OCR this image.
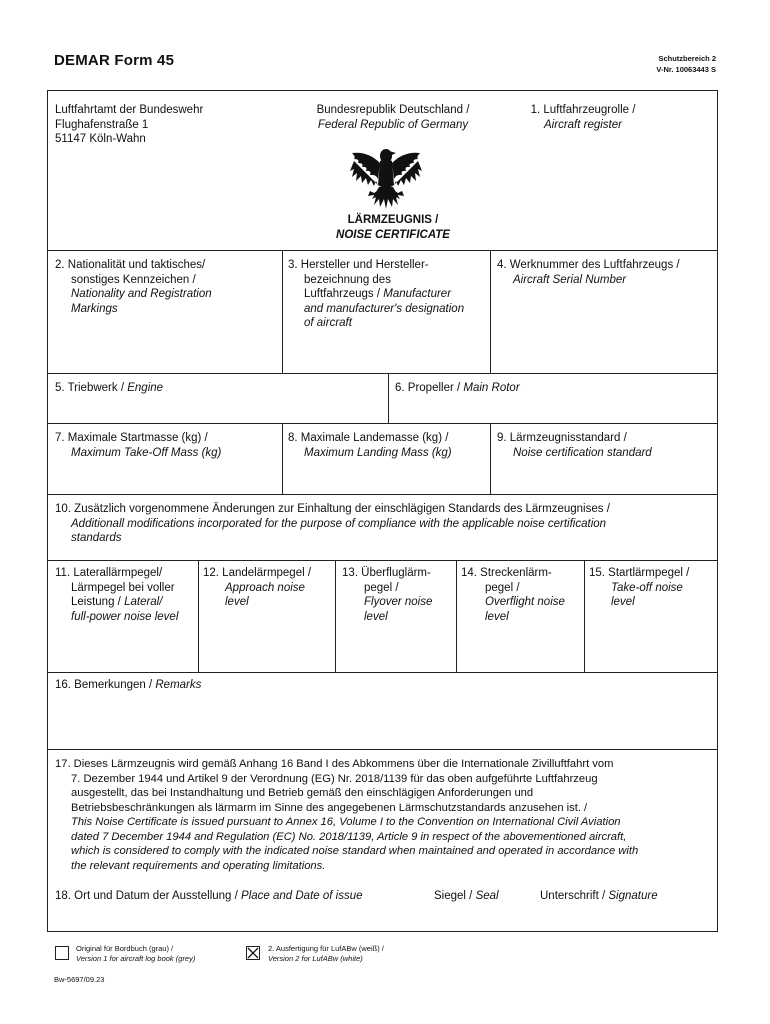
DEMAR Form 45	Schutzbereich 2
V-Nr. 10063443 S
Luftfahrtamt der Bundeswehr
Flughafenstraße 1
51147 Köln-Wahn
Bundesrepublik Deutschland /
Federal Republic of Germany
1. Luftfahrzeugrolle /
Aircraft register
LÄRMZEUGNIS /
NOISE CERTIFICATE
2. Nationalität und taktisches/
sonstiges Kennzeichen /
Nationality and Registration
Markings
3. Hersteller und Hersteller-
bezeichnung des
Luftfahrzeugs / Manufacturer
and manufacturer's designation
of aircraft
4. Werknummer des Luftfahrzeugs /
Aircraft Serial Number
5. Triebwerk / Engine	6. Propeller / Main Rotor
7. Maximale Startmasse (kg) /
Maximum Take-Off Mass (kg)
8. Maximale Landemasse (kg) /
Maximum Landing Mass (kg)
9. Lärmzeugnisstandard /
Noise certification standard
10. Zusätzlich vorgenommene Änderungen zur Einhaltung der einschlägigen Standards des Lärmzeugnises /
Additionall modifications incorporated for the purpose of compliance with the applicable noise certification
standards
11. Laterallärmpegel/
Lärmpegel bei voller
Leistung / Lateral/
full-power noise level
12. Landelärmpegel /
Approach noise
level
13. Überfluglärm-
pegel /
Flyover noise
level
14. Streckenlärm-
pegel /
Overflight noise
level
15. Startlärmpegel /
Take-off noise
level
16. Bemerkungen / Remarks
17. Dieses Lärmzeugnis wird gemäß Anhang 16 Band I des Abkommens über die Internationale Zivilluftfahrt vom
7. Dezember 1944 und Artikel 9 der Verordnung (EG) Nr. 2018/1139 für das oben aufgeführte Luftfahrzeug
ausgestellt, das bei Instandhaltung und Betrieb gemäß den einschlägigen Anforderungen und
Betriebsbeschränkungen als lärmarm im Sinne des angegebenen Lärmschutzstandards anzusehen ist. /
This Noise Certificate is issued pursuant to Annex 16, Volume I to the Convention on International Civil Aviation
dated 7 December 1944 and Regulation (EC) No. 2018/1139, Article 9 in respect of the abovementioned aircraft,
which is considered to comply with the indicated noise standard when maintained and operated in accordance with
the relevant requirements and operating limitations.
18. Ort und Datum der Ausstellung / Place and Date of issue	Siegel / Seal	Unterschrift / Signature
Original für Bordbuch (grau) /
Version 1 for aircraft log book (grey)
2. Ausfertigung für LufABw (weiß) /
Version 2 for LufABw (white)
Bw-5697/09.23
